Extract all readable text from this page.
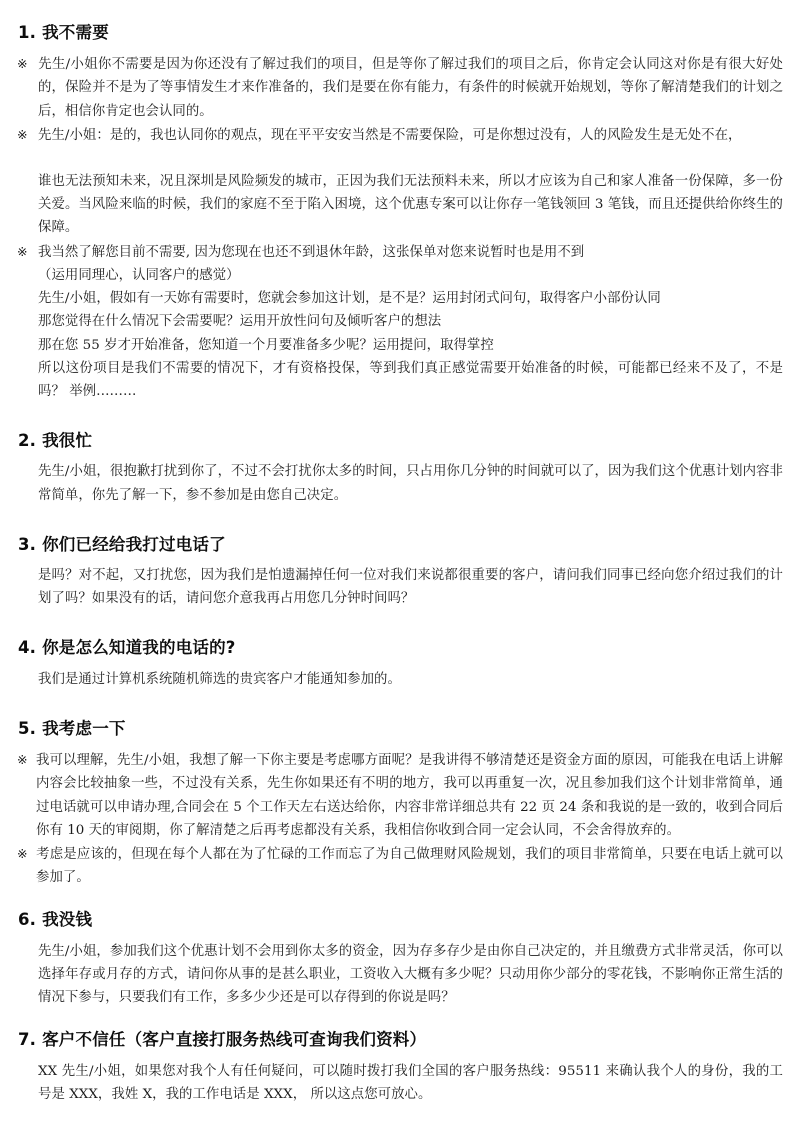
1. 我不需要

※ 先生/小姐你不需要是因为你还没有了解过我们的项目，但是等你了解过我们的项目之后，你肯定会认同这对你是有很大好处的，保险并不是为了等事情发生才来作准备的，我们是要在你有能力，有条件的时候就开始规划，等你了解清楚我们的计划之后，相信你肯定也会认同的。

※ 先生/小姐：是的，我也认同你的观点，现在平平安安当然是不需要保险，可是你想过没有，人的风险发生是无处不在，

谁也无法预知未来，况且深圳是风险频发的城市，正因为我们无法预料未来，所以才应该为自己和家人准备一份保障，多一份关爱。当风险来临的时候，我们的家庭不至于陷入困境，这个优惠专案可以让你存一笔钱领回 3 笔钱，而且还提供给你终生的保障。

※ 我当然了解您目前不需要, 因为您现在也还不到退休年龄，这张保单对您来说暂时也是用不到

（运用同理心，认同客户的感觉）
先生/小姐，假如有一天妳有需要时，您就会参加这计划，是不是？运用封闭式问句，取得客户小部份认同
那您觉得在什么情况下会需要呢？运用开放性问句及倾听客户的想法
那在您 55 岁才开始准备，您知道一个月要准备多少呢？运用提问，取得掌控
所以这份项目是我们不需要的情况下，才有资格投保，等到我们真正感觉需要开始准备的时候，可能都已经来不及了，不是吗？ 举例………
2. 我很忙

先生/小姐，很抱歉打扰到你了，不过不会打扰你太多的时间，只占用你几分钟的时间就可以了，因为我们这个优惠计划内容非常简单，你先了解一下，参不参加是由您自己决定。

3. 你们已经给我打过电话了

是吗？对不起，又打扰您，因为我们是怕遗漏掉任何一位对我们来说都很重要的客户，请问我们同事已经向您介绍过我们的计划了吗？如果没有的话，请问您介意我再占用您几分钟时间吗？

4. 你是怎么知道我的电话的?

我们是通过计算机系统随机筛选的贵宾客户才能通知参加的。

5. 我考虑一下

※ 我可以理解，先生/小姐，我想了解一下你主要是考虑哪方面呢？是我讲得不够清楚还是资金方面的原因，可能我在电话上讲解内容会比较抽象一些，不过没有关系，先生你如果还有不明的地方，我可以再重复一次，况且参加我们这个计划非常简单，通过电话就可以申请办理,合同会在 5 个工作天左右送达给你，内容非常详细总共有 22 页 24 条和我说的是一致的，收到合同后你有 10 天的审阅期，你了解清楚之后再考虑都没有关系，我相信你收到合同一定会认同，不会舍得放弃的。

※ 考虑是应该的，但现在每个人都在为了忙碌的工作而忘了为自己做理财风险规划，我们的项目非常简单，只要在电话上就可以参加了。

6. 我没钱

先生/小姐，参加我们这个优惠计划不会用到你太多的资金，因为存多存少是由你自己决定的，并且缴费方式非常灵活，你可以选择年存或月存的方式，请问你从事的是甚么职业，工资收入大概有多少呢？只动用你少部分的零花钱，不影响你正常生活的情况下参与，只要我们有工作，多多少少还是可以存得到的你说是吗？

7. 客户不信任（客户直接打服务热线可查询我们资料）

XX 先生/小姐，如果您对我个人有任何疑问，可以随时拨打我们全国的客户服务热线：95511 来确认我个人的身份，我的工号是 XXX，我姓 X，我的工作电话是 XXX， 所以这点您可放心。
